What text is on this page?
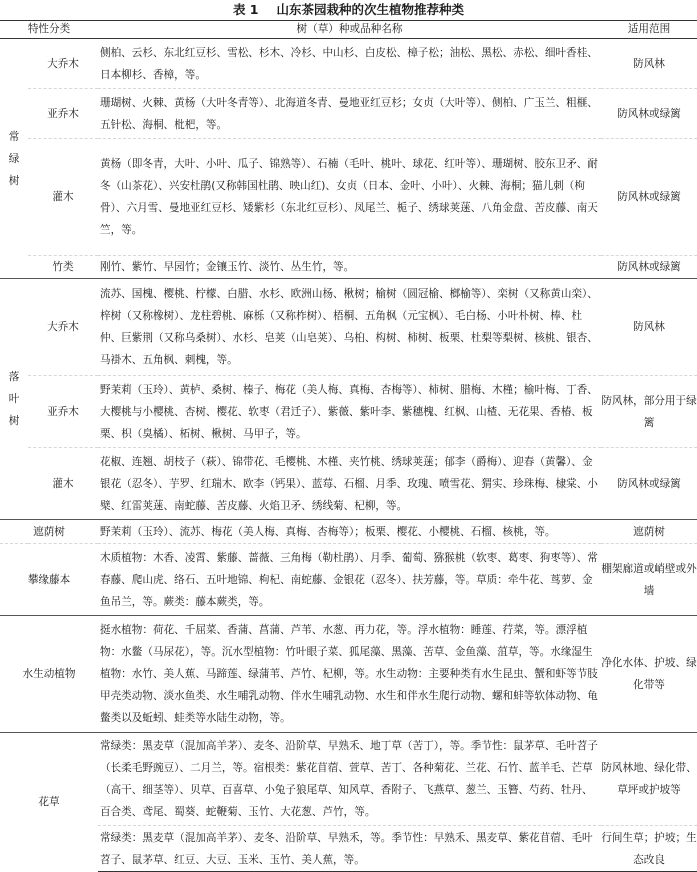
表 1 山东茶园栽种的次生植物推荐种类
特性分类		树（草）种或品种名称	适用范围

常
绿
树	大乔木	侧柏、云杉、东北红豆杉、雪松、杉木、冷杉、中山杉、白皮松、樟子松；油松、黑松、赤松、细叶香桂、日本柳杉、香樟，等。	防风林
	亚乔木	珊瑚树、火棘、黄杨（大叶冬青等）、北海道冬青、曼地亚红豆杉；女贞（大叶等）、侧柏、广玉兰、粗榧、五针松、海桐、枇杷，等。	防风林或绿篱
	灌木	黄杨（即冬青，大叶、小叶、瓜子、锦熟等）、石楠（毛叶、桃叶、球花、红叶等）、珊瑚树、胶东卫矛、耐冬（山茶花）、兴安杜鹃(又称韩国杜鹃、映山红)、女贞（日本、金叶、小叶）、火棘、海桐；猫儿刺（枸骨）、六月雪、曼地亚红豆杉、矮紫杉（东北红豆杉）、凤尾兰、栀子、绣球荚蒾、八角金盘、苦皮藤、南天竺，等。	防风林或绿篱
	竹类	刚竹、紫竹、早园竹；金镶玉竹、淡竹、丛生竹，等。	防风林或绿篱

落
叶
树	大乔木	流苏、国槐、樱桃、柠檬、白腊、水杉、欧洲山杨、楸树；榆树（圆冠榆、榔榆等）、栾树（又称黄山栾）、梓树（又称橡树）、龙柱碧桃、麻栎（又称柞树）、梧桐、五角枫（元宝枫）、毛白杨、小叶朴树、棒、杜仲、巨紫荆（又称乌桑树）、水杉、皂荚（山皂荚）、乌桕、构树、柿树、板栗、杜梨等梨树、核桃、银杏、马褂木、五角枫、刺槐，等。	防风林
	亚乔木	野茉莉（玉玲）、黄栌、桑树、榛子、梅花（美人梅、真梅、杏梅等）、柿树、腊梅、木槿；榆叶梅、丁香、大樱桃与小樱桃、杏树、樱花、软枣（君迁子）、紫薇、紫叶李、紫穗槐、红枫、山楂、无花果、香椿、板栗、枳（臭橘）、柘树、楸树、马甲子，等。	防风林，部分用于绿篱
	灌木	花椒、连翘、胡枝子（萩）、锦带花、毛樱桃、木槿、夹竹桃、绣球荚蒾；郁李（爵梅）、迎春（黄馨）、金银花（忍冬）、芋罗、红瑞木、欧李（钙果）、蓝莓、石榴、月季、玫瑰、喷雪花、猬实、珍珠梅、棣棠、小檗、红雷荚蒾、南蛇藤、苦皮藤、火焰卫矛、绣线菊、杞柳，等。	防风林或绿篱
遮荫树		野茉莉（玉玲）、流苏、梅花（美人梅、真梅、杏梅等）；板栗、樱花、小樱桃、石榴、核桃，等。	遮荫树
攀缘藤本		木质植物：木香、凌霄、紫藤、蔷薇、三角梅（勒杜鹃）、月季、葡萄、猕猴桃（软枣、葛枣、狗枣等）、常春藤、爬山虎、络石、五叶地锦、枸杞、南蛇藤、金银花（忍冬）、扶芳藤，等。草质：牵牛花、茑萝、金鱼吊兰，等。蕨类：藤本蕨类，等。	棚架廊道或峭壁或外墙
水生动植物		挺水植物：荷花、千屈菜、香蒲、菖蒲、芦苇、水葱、再力花，等。浮水植物：睡莲、荇菜，等。漂浮植物：水鳖（马尿花），等。沉水型植物：竹叶眼子菜、狐尾藻、黑藻、苦草、金鱼藻、菹草，等。水缘湿生植物：水竹、美人蕉、马蹄莲、绿蒲苇、芦竹、杞柳，等。水生动物：主要种类有水生昆虫、蟹和虾等节肢甲壳类动物、淡水鱼类、水生哺乳动物、伴水生哺乳动物、水生和伴水生爬行动物、螺和蚌等软体动物、龟鳖类以及蚯蚓、蛙类等水陆生动物，等。	净化水体、护坡、绿化带等
花草		常绿类：黑麦草（混加高羊茅）、麦冬、沿阶草、早熟禾、地丁草（苦丁），等。季节性：鼠茅草、毛叶苕子（长柔毛野豌豆）、二月兰，等。宿根类：紫花苜蓿、萱草、苦丁、各种菊花、兰花、石竹、蓝羊毛、芒草（高干、细茎等）、贝草、百喜草、小兔子狼尾草、知风草、香附子、飞燕草、葱兰、玉簪、芍药、牡丹、百合类、鸢尾、蜀葵、蛇鞭菊、玉竹、大花葱、芦竹，等。	防风林地、绿化带、草坪或护坡等
		常绿类：黑麦草（混加高羊茅）、麦冬、沿阶草、早熟禾，等。季节性：早熟禾、黑麦草、紫花苜蓿、毛叶苕子、鼠茅草、红豆、大豆、玉米、玉竹、美人蕉，等。	行间生草；护坡；生态改良
